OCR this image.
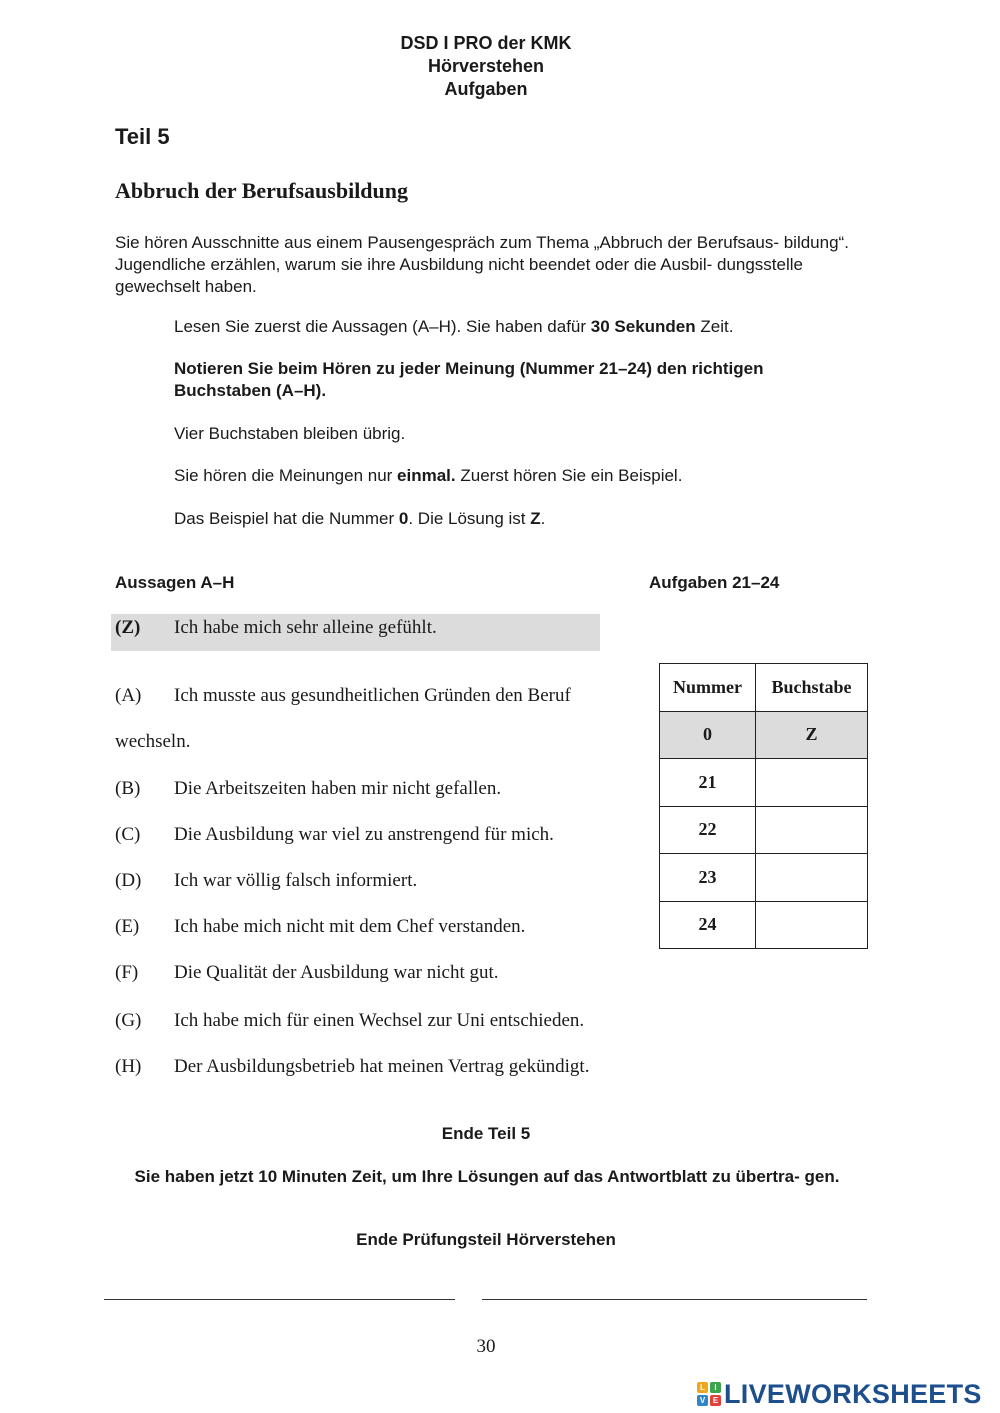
DSD I PRO der KMK
Hörverstehen
Aufgaben
Teil 5
Abbruch der Berufsausbildung
Sie hören Ausschnitte aus einem Pausengespräch zum Thema „Abbruch der Berufsaus- bildung“. Jugendliche erzählen, warum sie ihre Ausbildung nicht beendet oder die Ausbil- dungsstelle gewechselt haben.
Lesen Sie zuerst die Aussagen (A–H). Sie haben dafür 30 Sekunden Zeit.
Notieren Sie beim Hören zu jeder Meinung (Nummer 21–24) den richtigen Buchstaben (A–H).
Vier Buchstaben bleiben übrig.
Sie hören die Meinungen nur einmal. Zuerst hören Sie ein Beispiel.
Das Beispiel hat die Nummer 0. Die Lösung ist Z.
Aussagen A–H	Aufgaben 21–24
(Z) Ich habe mich sehr alleine gefühlt.
(A) Ich musste aus gesundheitlichen Gründen den Beruf
wechseln.
(B) Die Arbeitszeiten haben mir nicht gefallen.
(C) Die Ausbildung war viel zu anstrengend für mich.
(D) Ich war völlig falsch informiert.
(E) Ich habe mich nicht mit dem Chef verstanden.
(F) Die Qualität der Ausbildung war nicht gut.
(G) Ich habe mich für einen Wechsel zur Uni entschieden.
(H) Der Ausbildungsbetrieb hat meinen Vertrag gekündigt.
Nummer	Buchstabe
0	Z
21	
22	
23	
24	
Ende Teil 5
Sie haben jetzt 10 Minuten Zeit, um Ihre Lösungen auf das Antwortblatt zu übertra- gen.
Ende Prüfungsteil Hörverstehen
30
L	I
V E LIVEWORKSHEETS
